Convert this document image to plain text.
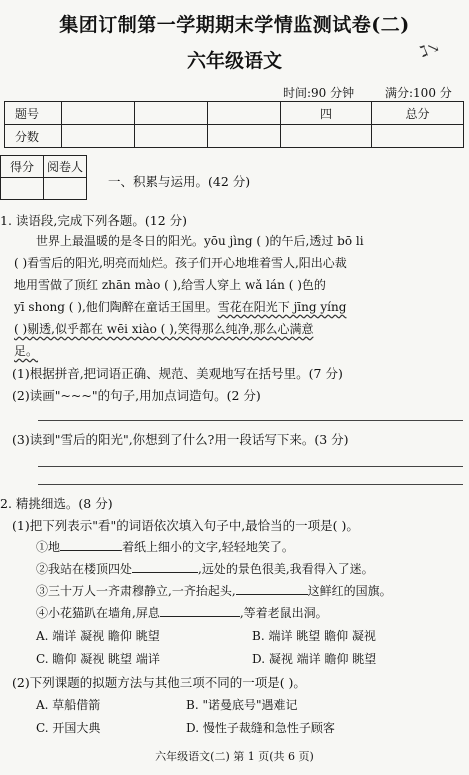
集团订制第一学期期末学情监测试卷(二)
ℷ↘
六年级语文
时间:90 分钟	满分:100 分
题号				四	总分
分数					
得分	阅卷人

一、积累与运用。(42 分)
1. 读语段,完成下列各题。(12 分)
世界上最温暖的是冬日的阳光。yōu jìng ( )的午后,透过 bō li
( )看雪后的阳光,明亮而灿烂。孩子们开心地堆着雪人,阳出心裁
地用雪做了顶红 zhān mào ( ),给雪人穿上 wǎ lán ( )色的
yī shong ( ),他们陶醉在童话王国里。雪花在阳光下 jīng yíng
( )剔透,似乎都在 wēi xiào ( ),笑得那么纯净,那么心满意
足。
(1)根据拼音,把词语正确、规范、美观地写在括号里。(7 分)
(2)读画"~~~"的句子,用加点词造句。(2 分)
(3)读到"雪后的阳光",你想到了什么?用一段话写下来。(3 分)
2. 精挑细选。(8 分)
(1)把下列表示"看"的词语依次填入句子中,最恰当的一项是( )。
①地	着纸上细小的文字,轻轻地笑了。
②我站在楼顶四处	,远处的景色很美,我看得入了迷。
③三十万人一齐肃穆静立,一齐抬起头,	这鲜红的国旗。
④小花猫趴在墙角,屏息	,等着老鼠出洞。
A. 端详 凝视 瞻仰 眺望	B. 端详 眺望 瞻仰 凝视
C. 瞻仰 凝视 眺望 端详	D. 凝视 端详 瞻仰 眺望
(2)下列课题的拟题方法与其他三项不同的一项是( )。
A. 草船借箭	B. "诺曼底号"遇难记
C. 开国大典	D. 慢性子裁缝和急性子顾客
六年级语文(二) 第 1 页(共 6 页)
